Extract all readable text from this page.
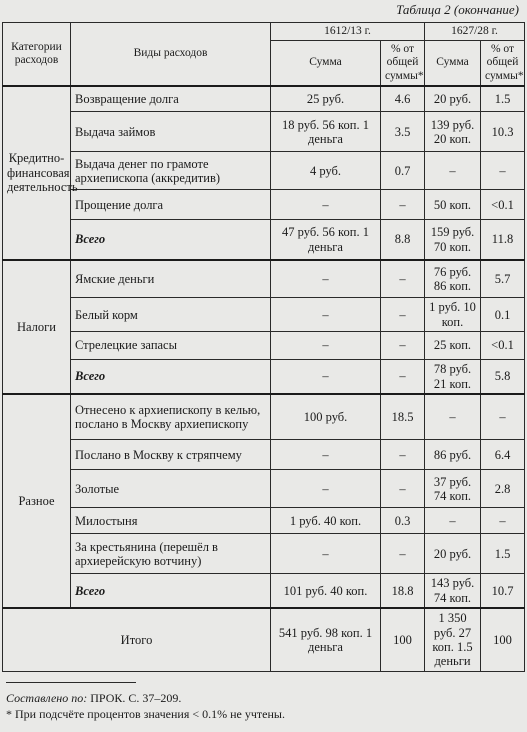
Таблица 2 (окончание)
Категории расходов	Виды расходов	1612/13 г.		1627/28 г.	
		Сумма	% от общей суммы*	Сумма	% от общей суммы*
Кредитно-финансовая деятельность	Возвращение долга	25 руб.	4.6	20 руб.	1.5
	Выдача займов	18 руб. 56 коп. 1 деньга	3.5	139 руб. 20 коп.	10.3
	Выдача денег по грамоте архиепископа (аккредитив)	4 руб.	0.7	–	–
	Прощение долга	–	–	50 коп.	<0.1
	Всего	47 руб. 56 коп. 1 деньга	8.8	159 руб. 70 коп.	11.8
Налоги	Ямские деньги	–	–	76 руб. 86 коп.	5.7
	Белый корм	–	–	1 руб. 10 коп.	0.1
	Стрелецкие запасы	–	–	25 коп.	<0.1
	Всего	–	–	78 руб. 21 коп.	5.8
Разное	Отнесено к архиепископу в келью, послано в Москву архиепископу	100 руб.	18.5	–	–
	Послано в Москву к стряпчему	–	–	86 руб.	6.4
	Золотые	–	–	37 руб. 74 коп.	2.8
	Милостыня	1 руб. 40 коп.	0.3	–	–
	За крестьянина (перешёл в архиерейскую вотчину)	–	–	20 руб.	1.5
	Всего	101 руб. 40 коп.	18.8	143 руб. 74 коп.	10.7
Итого		541 руб. 98 коп. 1 деньга	100	1 350 руб. 27 коп. 1.5 деньги	100
Составлено по: ПРОК. С. 37–209.
* При подсчёте процентов значения < 0.1% не учтены.
